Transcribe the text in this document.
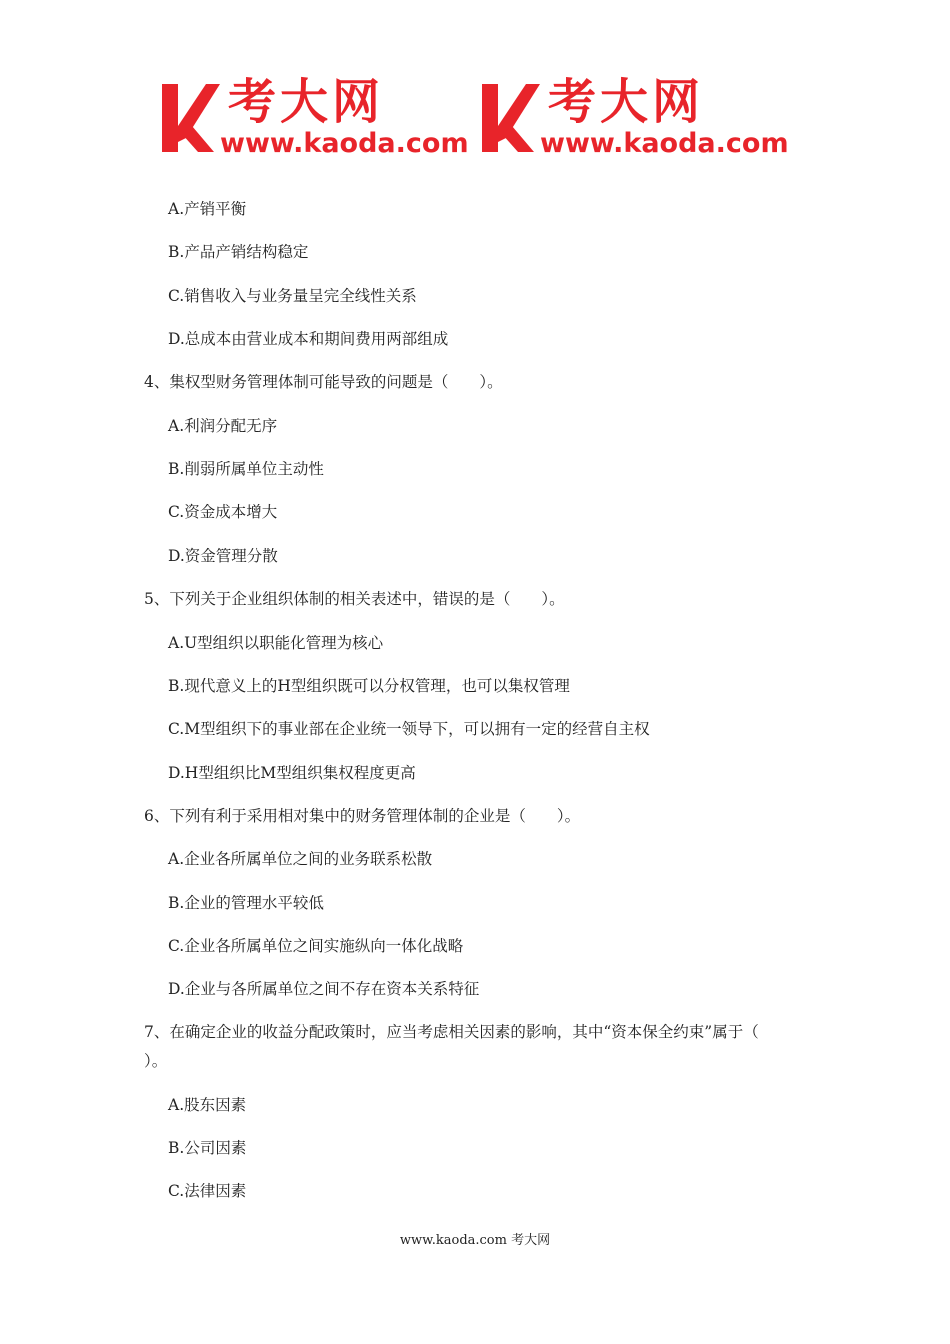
考大网
www.kaoda.com
考大网
www.kaoda.com
A.产销平衡
B.产品产销结构稳定
C.销售收入与业务量呈完全线性关系
D.总成本由营业成本和期间费用两部组成
4、集权型财务管理体制可能导致的问题是（　　）。
A.利润分配无序
B.削弱所属单位主动性
C.资金成本增大
D.资金管理分散
5、下列关于企业组织体制的相关表述中，错误的是（　　）。
A.U型组织以职能化管理为核心
B.现代意义上的H型组织既可以分权管理，也可以集权管理
C.M型组织下的事业部在企业统一领导下，可以拥有一定的经营自主权
D.H型组织比M型组织集权程度更高
6、下列有利于采用相对集中的财务管理体制的企业是（　　）。
A.企业各所属单位之间的业务联系松散
B.企业的管理水平较低
C.企业各所属单位之间实施纵向一体化战略
D.企业与各所属单位之间不存在资本关系特征
7、在确定企业的收益分配政策时，应当考虑相关因素的影响，其中“资本保全约束”属于（
）。
A.股东因素
B.公司因素
C.法律因素
www.kaoda.com 考大网
